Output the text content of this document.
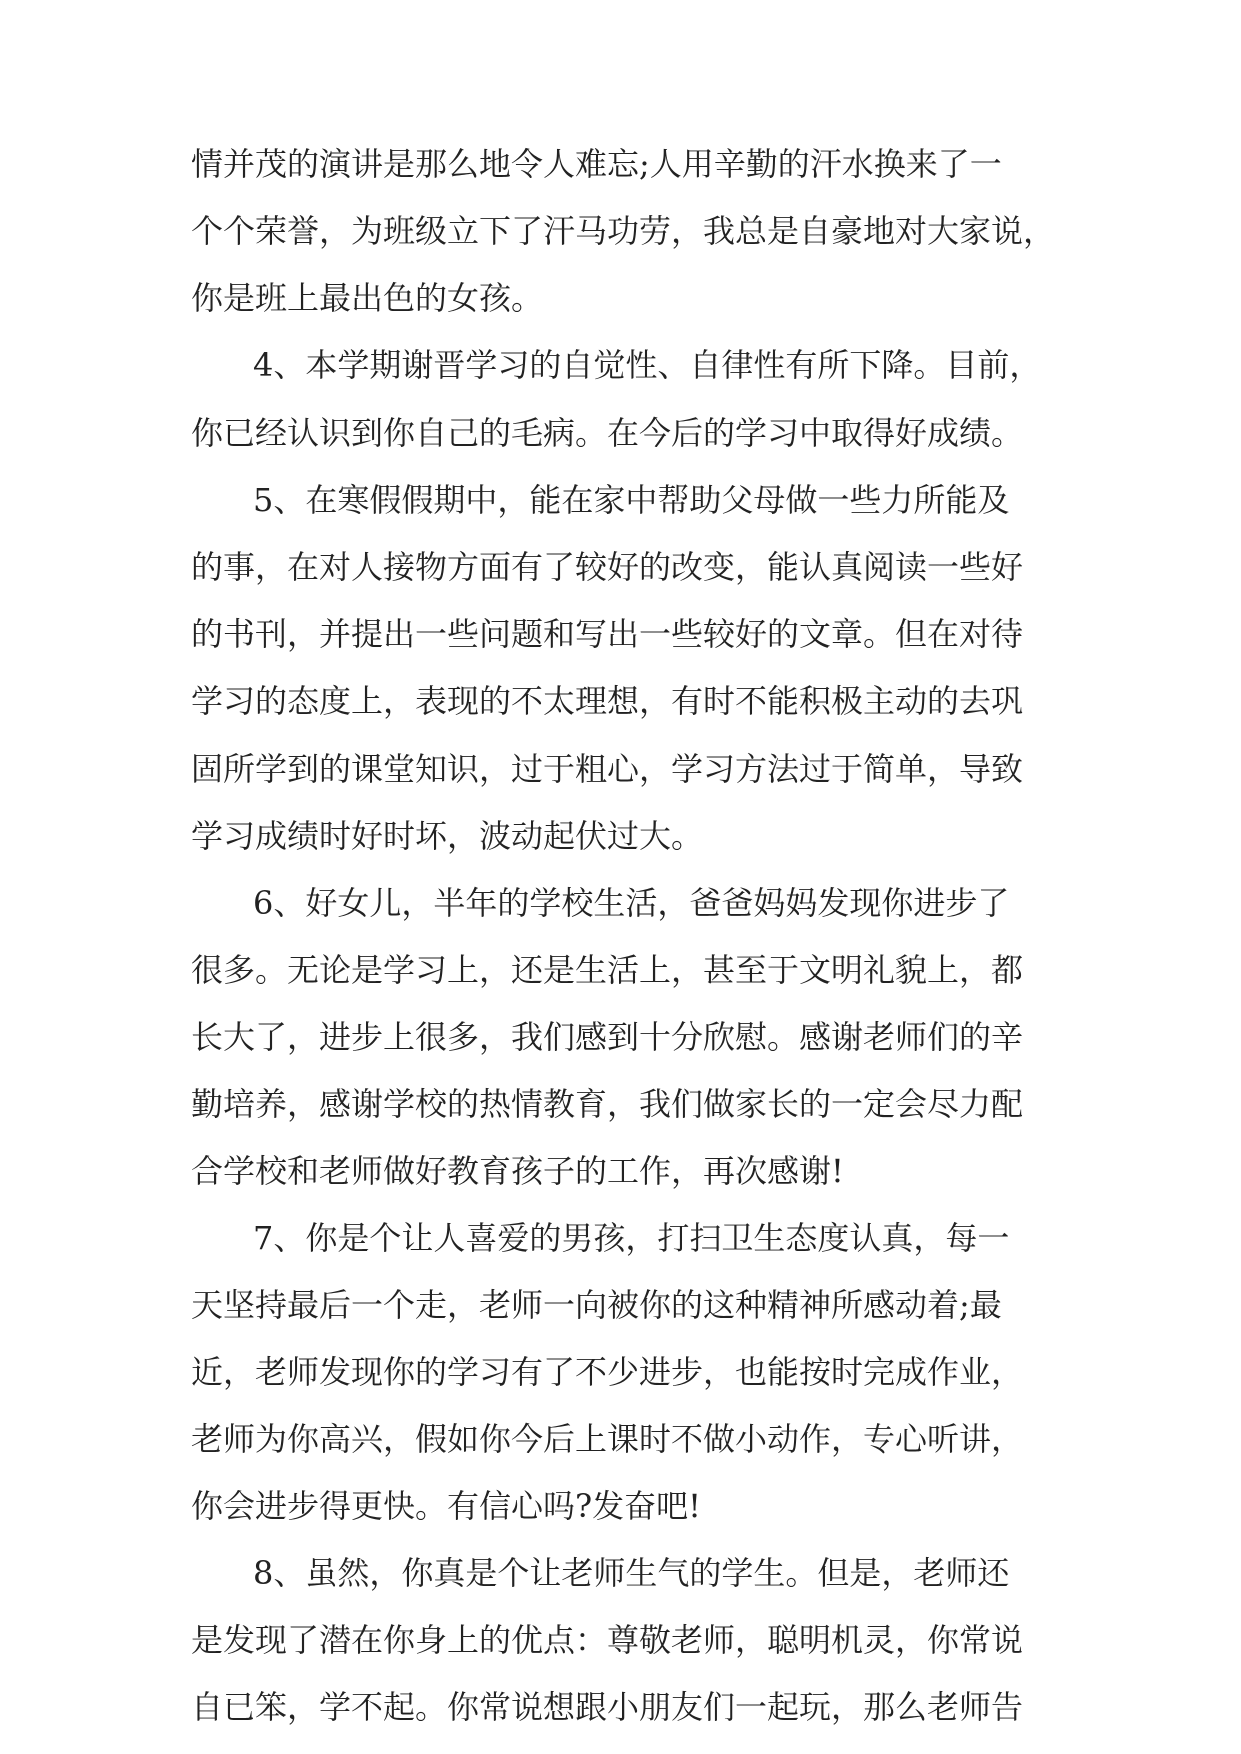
情并茂的演讲是那么地令人难忘;人用辛勤的汗水换来了一
个个荣誉，为班级立下了汗马功劳，我总是自豪地对大家说，
你是班上最出色的女孩。
4、本学期谢晋学习的自觉性、自律性有所下降。目前，
你已经认识到你自己的毛病。在今后的学习中取得好成绩。
5、在寒假假期中，能在家中帮助父母做一些力所能及
的事，在对人接物方面有了较好的改变，能认真阅读一些好
的书刊，并提出一些问题和写出一些较好的文章。但在对待
学习的态度上，表现的不太理想，有时不能积极主动的去巩
固所学到的课堂知识，过于粗心，学习方法过于简单，导致
学习成绩时好时坏，波动起伏过大。
6、好女儿，半年的学校生活，爸爸妈妈发现你进步了
很多。无论是学习上，还是生活上，甚至于文明礼貌上，都
长大了，进步上很多，我们感到十分欣慰。感谢老师们的辛
勤培养，感谢学校的热情教育，我们做家长的一定会尽力配
合学校和老师做好教育孩子的工作，再次感谢!
7、你是个让人喜爱的男孩，打扫卫生态度认真，每一
天坚持最后一个走，老师一向被你的这种精神所感动着;最
近，老师发现你的学习有了不少进步，也能按时完成作业，
老师为你高兴，假如你今后上课时不做小动作，专心听讲，
你会进步得更快。有信心吗?发奋吧!
8、虽然，你真是个让老师生气的学生。但是，老师还
是发现了潜在你身上的优点：尊敬老师，聪明机灵，你常说
自已笨，学不起。你常说想跟小朋友们一起玩，那么老师告
